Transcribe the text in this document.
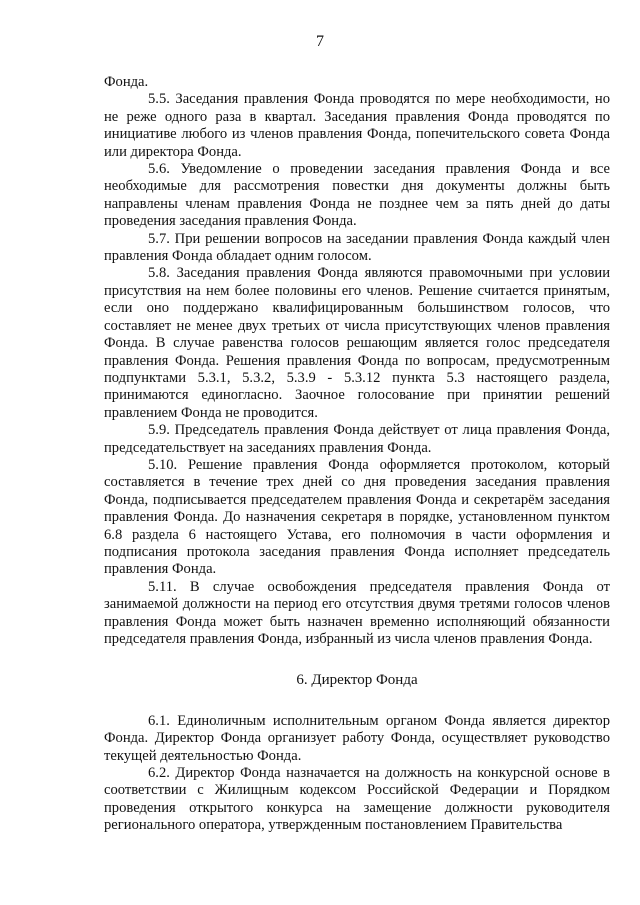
7

Фонда.

5.5. Заседания правления Фонда проводятся по мере необходимости, но не реже одного раза в квартал. Заседания правления Фонда проводятся по инициативе любого из членов правления Фонда, попечительского совета Фонда или директора Фонда.

5.6. Уведомление о проведении заседания правления Фонда и все необходимые для рассмотрения повестки дня документы должны быть направлены членам правления Фонда не позднее чем за пять дней до даты проведения заседания правления Фонда.

5.7. При решении вопросов на заседании правления Фонда каждый член правления Фонда обладает одним голосом.

5.8. Заседания правления Фонда являются правомочными при условии присутствия на нем более половины его членов. Решение считается принятым, если оно поддержано квалифицированным большинством голосов, что составляет не менее двух третьих от числа присутствующих членов правления Фонда. В случае равенства голосов решающим является голос председателя правления Фонда. Решения правления Фонда по вопросам, предусмотренным подпунктами 5.3.1, 5.3.2, 5.3.9 - 5.3.12 пункта 5.3 настоящего раздела, принимаются единогласно. Заочное голосование при принятии решений правлением Фонда не проводится.

5.9. Председатель правления Фонда действует от лица правления Фонда, председательствует на заседаниях правления Фонда.

5.10. Решение правления Фонда оформляется протоколом, который составляется в течение трех дней со дня проведения заседания правления Фонда, подписывается председателем правления Фонда и секретарём заседания правления Фонда. До назначения секретаря в порядке, установленном пунктом 6.8 раздела 6 настоящего Устава, его полномочия в части оформления и подписания протокола заседания правления Фонда исполняет председатель правления Фонда.

5.11. В случае освобождения председателя правления Фонда от занимаемой должности на период его отсутствия двумя третями голосов членов правления Фонда может быть назначен временно исполняющий обязанности председателя правления Фонда, избранный из числа членов правления Фонда.

6. Директор Фонда

6.1. Единоличным исполнительным органом Фонда является директор Фонда. Директор Фонда организует работу Фонда, осуществляет руководство текущей деятельностью Фонда.

6.2. Директор Фонда назначается на должность на конкурсной основе в соответствии с Жилищным кодексом Российской Федерации и Порядком проведения открытого конкурса на замещение должности руководителя регионального оператора, утвержденным постановлением Правительства
